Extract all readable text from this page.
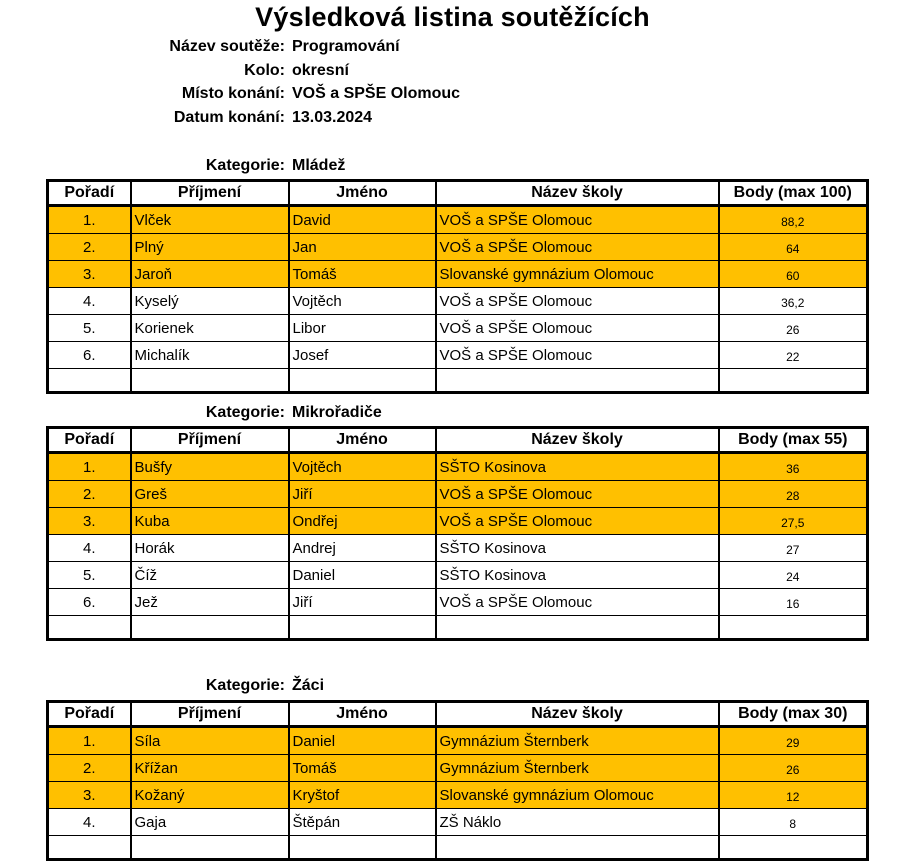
Výsledková listina soutěžících
Název soutěže: Programování
Kolo: okresní
Místo konání: VOŠ a SPŠE Olomouc
Datum konání: 13.03.2024
Kategorie: Mládež
Pořadí	Příjmení	Jméno	Název školy	Body (max 100)
1.	Vlček	David	VOŠ a SPŠE Olomouc	88,2
2.	Plný	Jan	VOŠ a SPŠE Olomouc	64
3.	Jaroň	Tomáš	Slovanské gymnázium Olomouc	60
4.	Kyselý	Vojtěch	VOŠ a SPŠE Olomouc	36,2
5.	Korienek	Libor	VOŠ a SPŠE Olomouc	26
6.	Michalík	Josef	VOŠ a SPŠE Olomouc	22

Kategorie: Mikrořadiče
Pořadí	Příjmení	Jméno	Název školy	Body (max 55)
1.	Bušfy	Vojtěch	SŠTO Kosinova	36
2.	Greš	Jiří	VOŠ a SPŠE Olomouc	28
3.	Kuba	Ondřej	VOŠ a SPŠE Olomouc	27,5
4.	Horák	Andrej	SŠTO Kosinova	27
5.	Číž	Daniel	SŠTO Kosinova	24
6.	Jež	Jiří	VOŠ a SPŠE Olomouc	16

Kategorie: Žáci
Pořadí	Příjmení	Jméno	Název školy	Body (max 30)
1.	Síla	Daniel	Gymnázium Šternberk	29
2.	Křížan	Tomáš	Gymnázium Šternberk	26
3.	Kožaný	Kryštof	Slovanské gymnázium Olomouc	12
4.	Gaja	Štěpán	ZŠ Náklo	8
